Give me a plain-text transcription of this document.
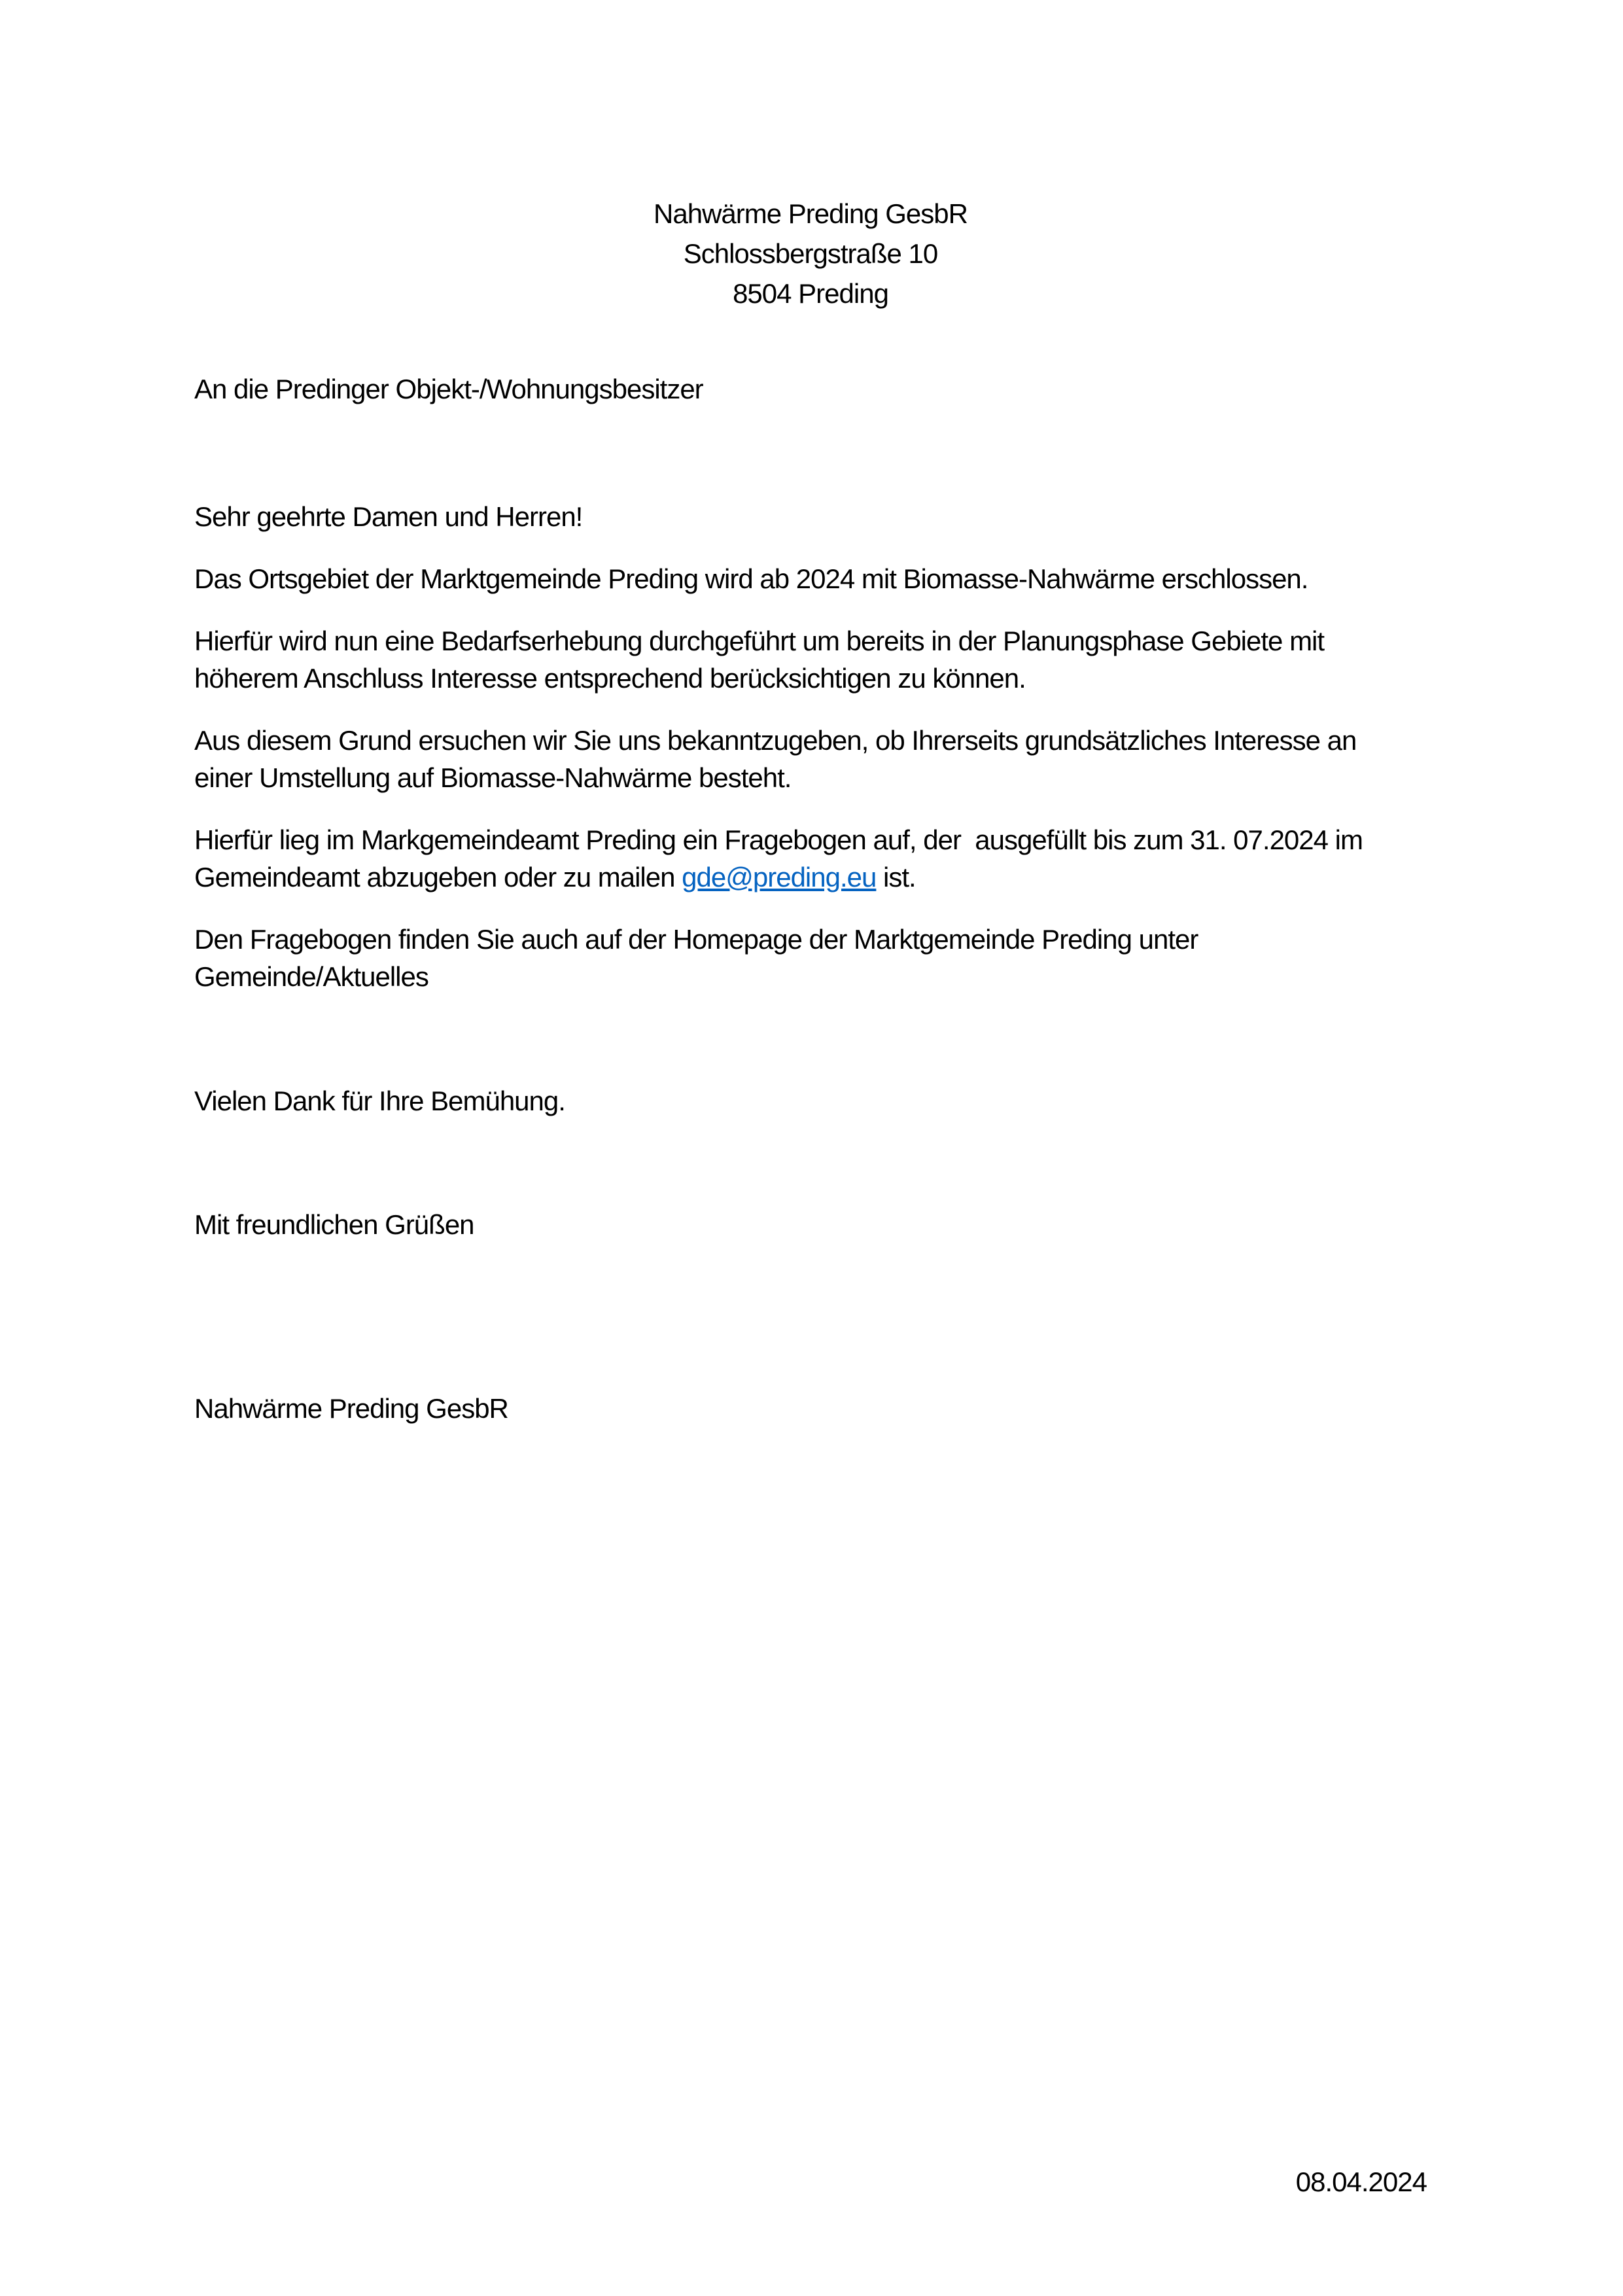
Nahwärme Preding GesbR
Schlossbergstraße 10
8504 Preding
An die Predinger Objekt-/Wohnungsbesitzer
Sehr geehrte Damen und Herren!
Das Ortsgebiet der Marktgemeinde Preding wird ab 2024 mit Biomasse-Nahwärme erschlossen.
Hierfür wird nun eine Bedarfserhebung durchgeführt um bereits in der Planungsphase Gebiete mit
höherem Anschluss Interesse entsprechend berücksichtigen zu können.
Aus diesem Grund ersuchen wir Sie uns bekanntzugeben, ob Ihrerseits grundsätzliches Interesse an
einer Umstellung auf Biomasse-Nahwärme besteht.
Hierfür lieg im Markgemeindeamt Preding ein Fragebogen auf, der  ausgefüllt bis zum 31. 07.2024 im
Gemeindeamt abzugeben oder zu mailen gde@preding.eu ist.
Den Fragebogen finden Sie auch auf der Homepage der Marktgemeinde Preding unter
Gemeinde/Aktuelles
Vielen Dank für Ihre Bemühung.
Mit freundlichen Grüßen
Nahwärme Preding GesbR
08.04.2024
